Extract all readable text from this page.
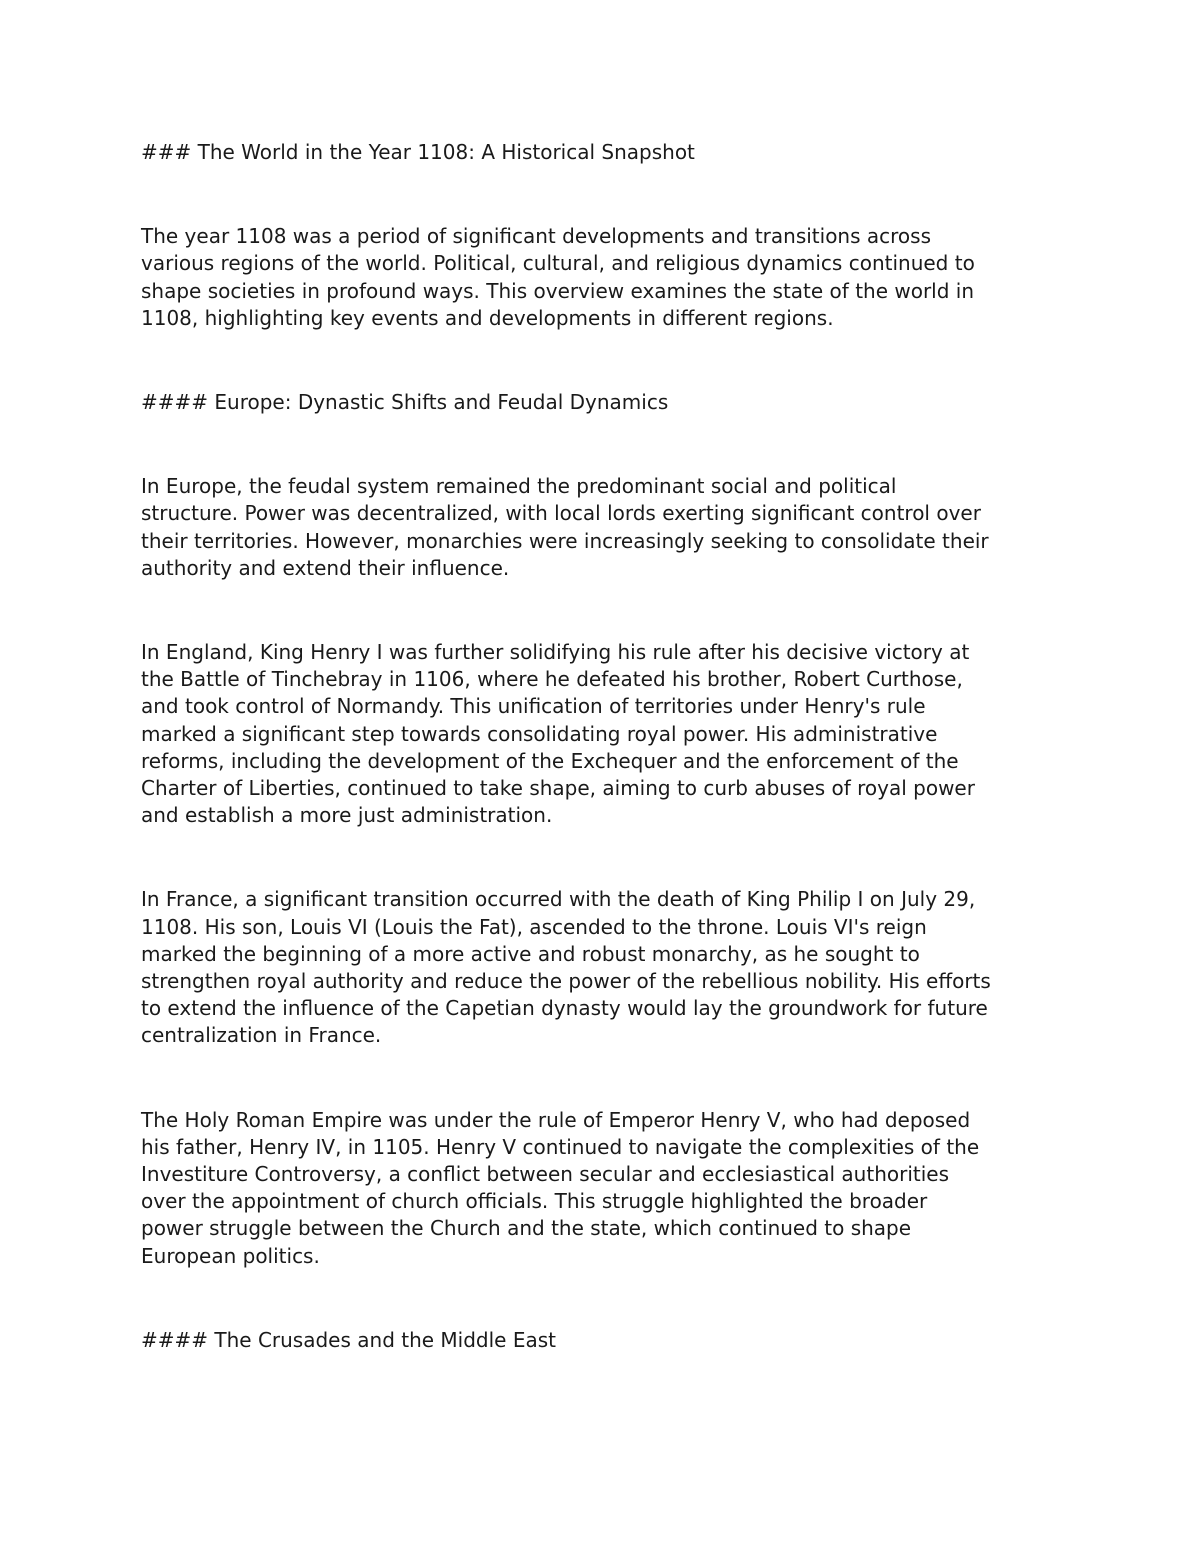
### The World in the Year 1108: A Historical Snapshot

The year 1108 was a period of significant developments and transitions across
various regions of the world. Political, cultural, and religious dynamics continued to
shape societies in profound ways. This overview examines the state of the world in
1108, highlighting key events and developments in different regions.

#### Europe: Dynastic Shifts and Feudal Dynamics

In Europe, the feudal system remained the predominant social and political
structure. Power was decentralized, with local lords exerting significant control over
their territories. However, monarchies were increasingly seeking to consolidate their
authority and extend their influence.

In England, King Henry I was further solidifying his rule after his decisive victory at
the Battle of Tinchebray in 1106, where he defeated his brother, Robert Curthose,
and took control of Normandy. This unification of territories under Henry's rule
marked a significant step towards consolidating royal power. His administrative
reforms, including the development of the Exchequer and the enforcement of the
Charter of Liberties, continued to take shape, aiming to curb abuses of royal power
and establish a more just administration.

In France, a significant transition occurred with the death of King Philip I on July 29,
1108. His son, Louis VI (Louis the Fat), ascended to the throne. Louis VI's reign
marked the beginning of a more active and robust monarchy, as he sought to
strengthen royal authority and reduce the power of the rebellious nobility. His efforts
to extend the influence of the Capetian dynasty would lay the groundwork for future
centralization in France.

The Holy Roman Empire was under the rule of Emperor Henry V, who had deposed
his father, Henry IV, in 1105. Henry V continued to navigate the complexities of the
Investiture Controversy, a conflict between secular and ecclesiastical authorities
over the appointment of church officials. This struggle highlighted the broader
power struggle between the Church and the state, which continued to shape
European politics.

#### The Crusades and the Middle East
